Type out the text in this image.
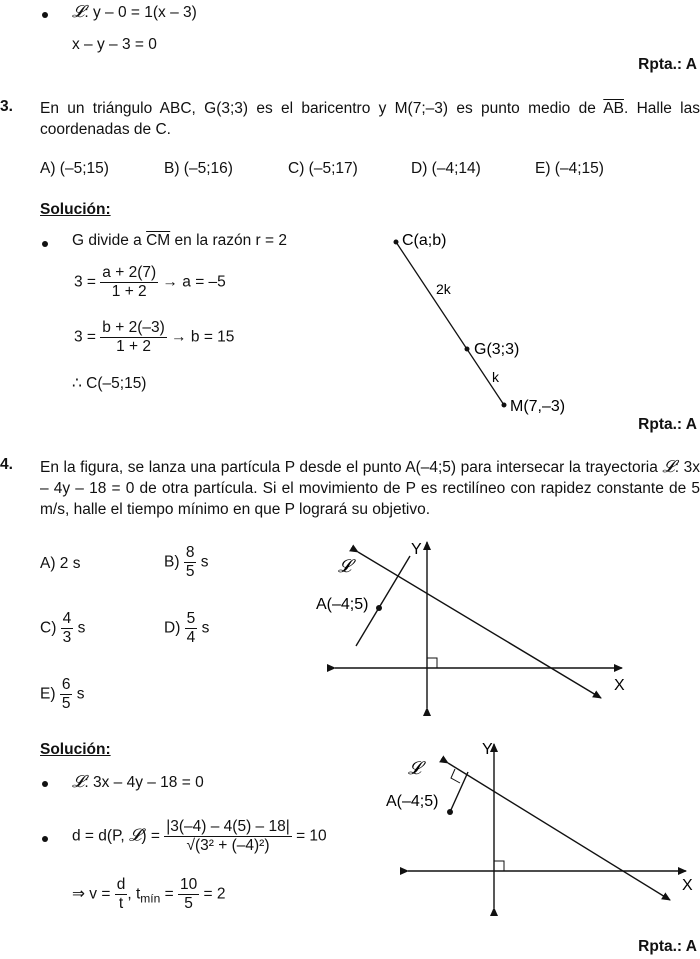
𝓛: y – 0 = 1(x – 3)
x – y – 3 = 0
Rpta.: A
3. En un triángulo ABC, G(3;3) es el baricentro y M(7;–3) es punto medio de $\overline{AB}$. Halle las coordenadas de C.
A) (–5;15)	B) (–5;16)	C) (–5;17)	D) (–4;14)	E) (–4;15)
Solución:
G divide a $\overline{CM}$ en la razón r = 2
$3 = \frac{a + 2(7)}{1 + 2} \to a = -5$
$3 = \frac{b + 2(-3)}{1 + 2} \to b = 15$
∴ C(–5;15)
C(a;b)
2k
G(3;3)
k
M(7,–3)
Rpta.: A
4. En la figura, se lanza una partícula P desde el punto A(–4;5) para intersecar la trayectoria 𝓛: 3x – 4y – 18 = 0 de otra partícula. Si el movimiento de P es rectilíneo con rapidez constante de 5 m/s, halle el tiempo mínimo en que P logrará su objetivo.
A) 2 s	$B) \frac{8}{5}$ s
$C) \frac{4}{3}$ s	$D) \frac{5}{4}$ s
$E) \frac{6}{5}$ s
𝓛
A(–4;5)
Y
X
Solución:
𝓛: 3x – 4y – 18 = 0
d = d(P, 𝓛) = $\frac{|3(-4) - 4(5) - 18|}{\text{√(3² + (–4)²)}} = 10$
⇒ $v = \frac{d}{t}$ , $t_{mín} = \frac{10}{5} = 2$
𝓛
A(–4;5)
Y
X
Rpta.: A
